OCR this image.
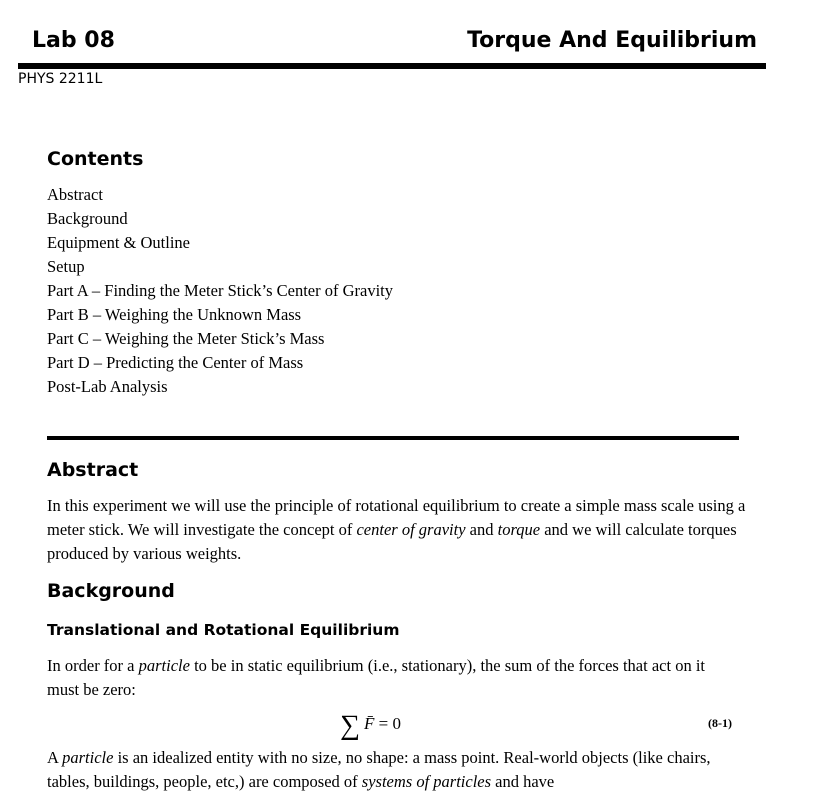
Lab 08	Torque And Equilibrium
PHYS 2211L
Contents
Abstract
Background
Equipment & Outline
Setup
Part A – Finding the Meter Stick’s Center of Gravity
Part B – Weighing the Unknown Mass
Part C – Weighing the Meter Stick’s Mass
Part D – Predicting the Center of Mass
Post-Lab Analysis
Abstract
In this experiment we will use the principle of rotational equilibrium to create a simple mass scale using a meter stick. We will investigate the concept of center of gravity and torque and we will calculate torques produced by various weights.
Background
Translational and Rotational Equilibrium
In order for a particle to be in static equilibrium (i.e., stationary), the sum of the forces that act on it must be zero:
∑ F̄ = 0	(8-1)
A particle is an idealized entity with no size, no shape: a mass point. Real-world objects (like chairs, tables, buildings, people, etc,) are composed of systems of particles and have
